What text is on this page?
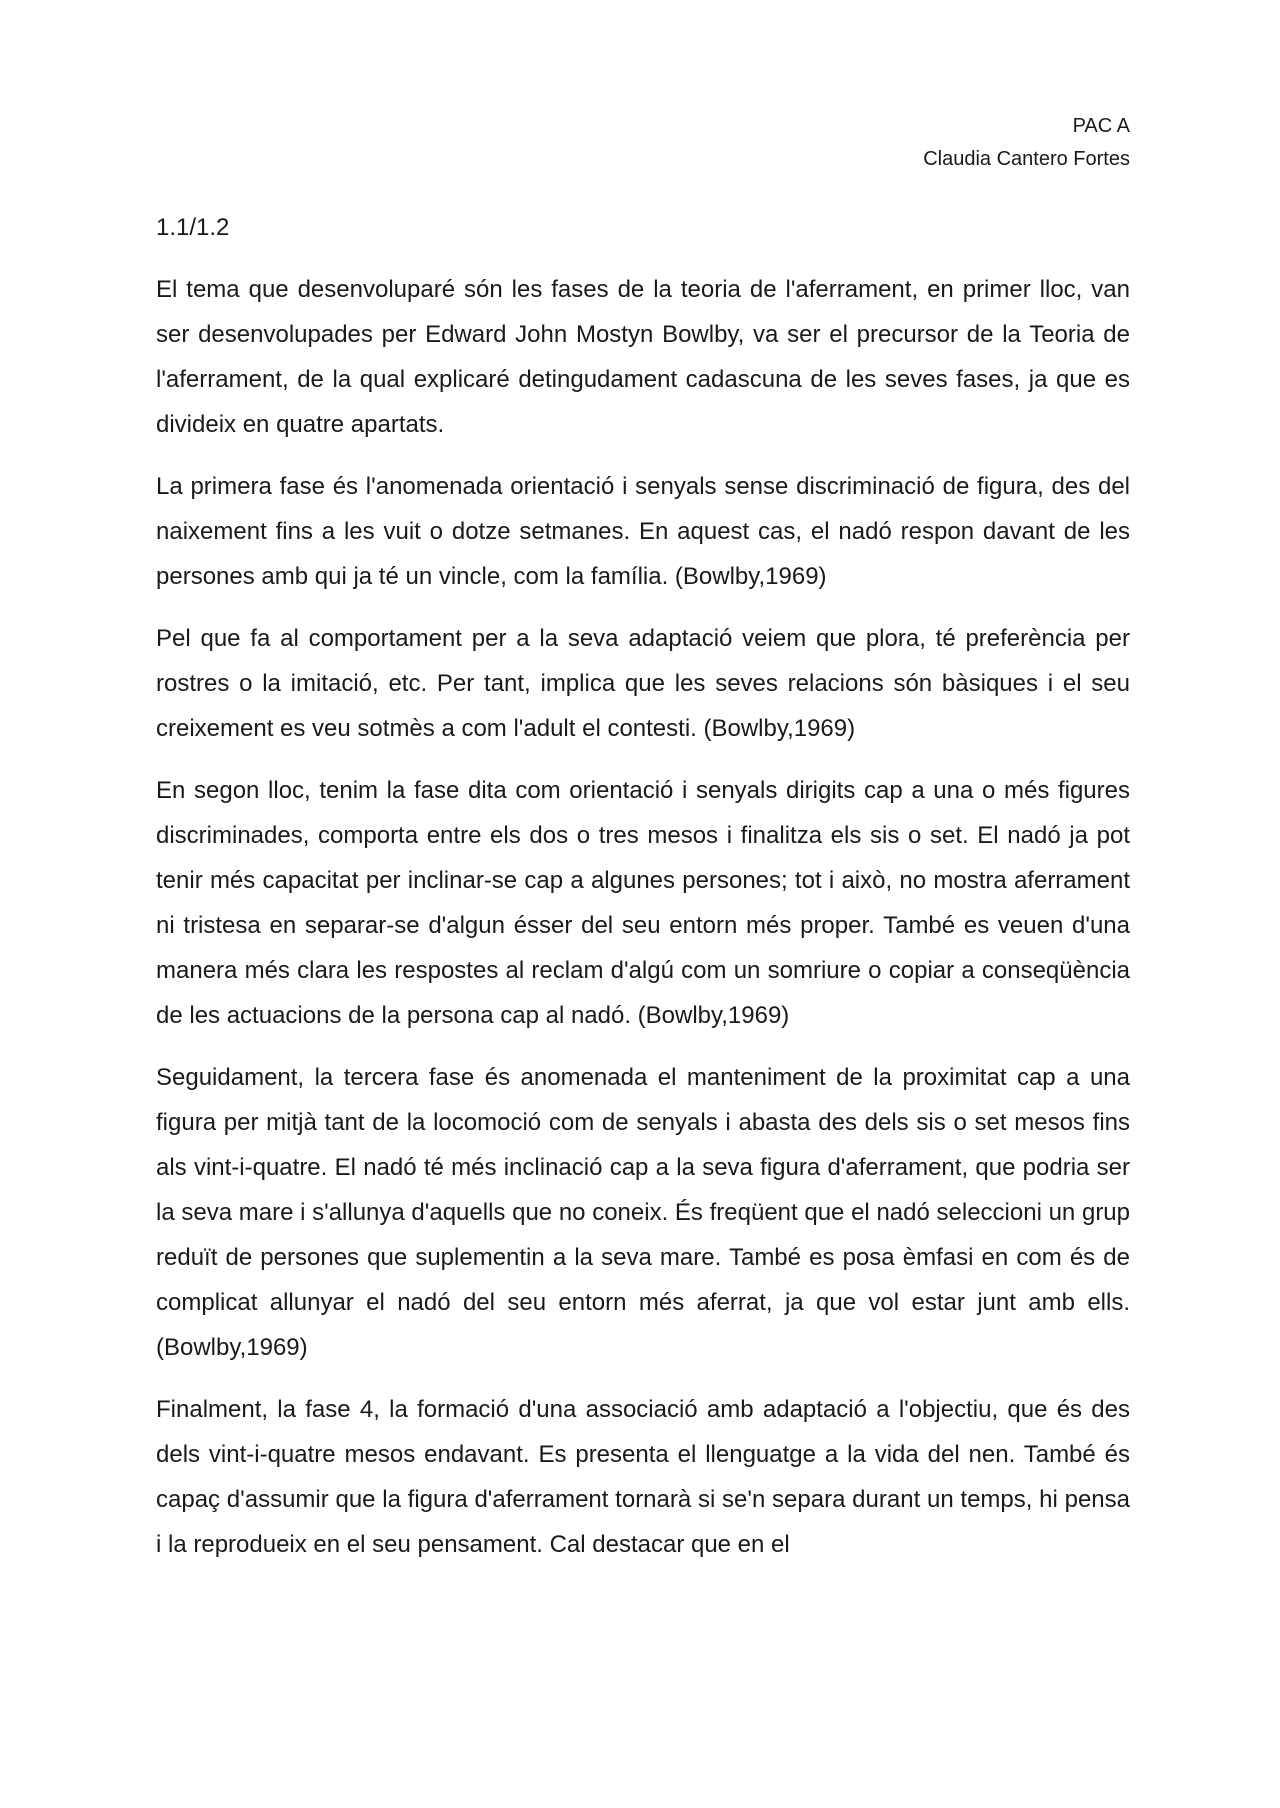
PAC A
Claudia Cantero Fortes
1.1/1.2

El tema que desenvoluparé són les fases de la teoria de l'aferrament, en primer lloc, van ser desenvolupades per Edward John Mostyn Bowlby, va ser el precursor de la Teoria de l'aferrament, de la qual explicaré detingudament cadascuna de les seves fases, ja que es divideix en quatre apartats.

La primera fase és l'anomenada orientació i senyals sense discriminació de figura, des del naixement fins a les vuit o dotze setmanes. En aquest cas, el nadó respon davant de les persones amb qui ja té un vincle, com la família. (Bowlby,1969)

Pel que fa al comportament per a la seva adaptació veiem que plora, té preferència per rostres o la imitació, etc. Per tant, implica que les seves relacions són bàsiques i el seu creixement es veu sotmès a com l'adult el contesti. (Bowlby,1969)

En segon lloc, tenim la fase dita com orientació i senyals dirigits cap a una o més figures discriminades, comporta entre els dos o tres mesos i finalitza els sis o set. El nadó ja pot tenir més capacitat per inclinar-se cap a algunes persones; tot i això, no mostra aferrament ni tristesa en separar-se d'algun ésser del seu entorn més proper. També es veuen d'una manera més clara les respostes al reclam d'algú com un somriure o copiar a conseqüència de les actuacions de la persona cap al nadó. (Bowlby,1969)

Seguidament, la tercera fase és anomenada el manteniment de la proximitat cap a una figura per mitjà tant de la locomoció com de senyals i abasta des dels sis o set mesos fins als vint-i-quatre. El nadó té més inclinació cap a la seva figura d'aferrament, que podria ser la seva mare i s'allunya d'aquells que no coneix. És freqüent que el nadó seleccioni un grup reduït de persones que suplementin a la seva mare. També es posa èmfasi en com és de complicat allunyar el nadó del seu entorn més aferrat, ja que vol estar junt amb ells. (Bowlby,1969)

Finalment, la fase 4, la formació d'una associació amb adaptació a l'objectiu, que és des dels vint-i-quatre mesos endavant. Es presenta el llenguatge a la vida del nen. També és capaç d'assumir que la figura d'aferrament tornarà si se'n separa durant un temps, hi pensa i la reprodueix en el seu pensament. Cal destacar que en el
